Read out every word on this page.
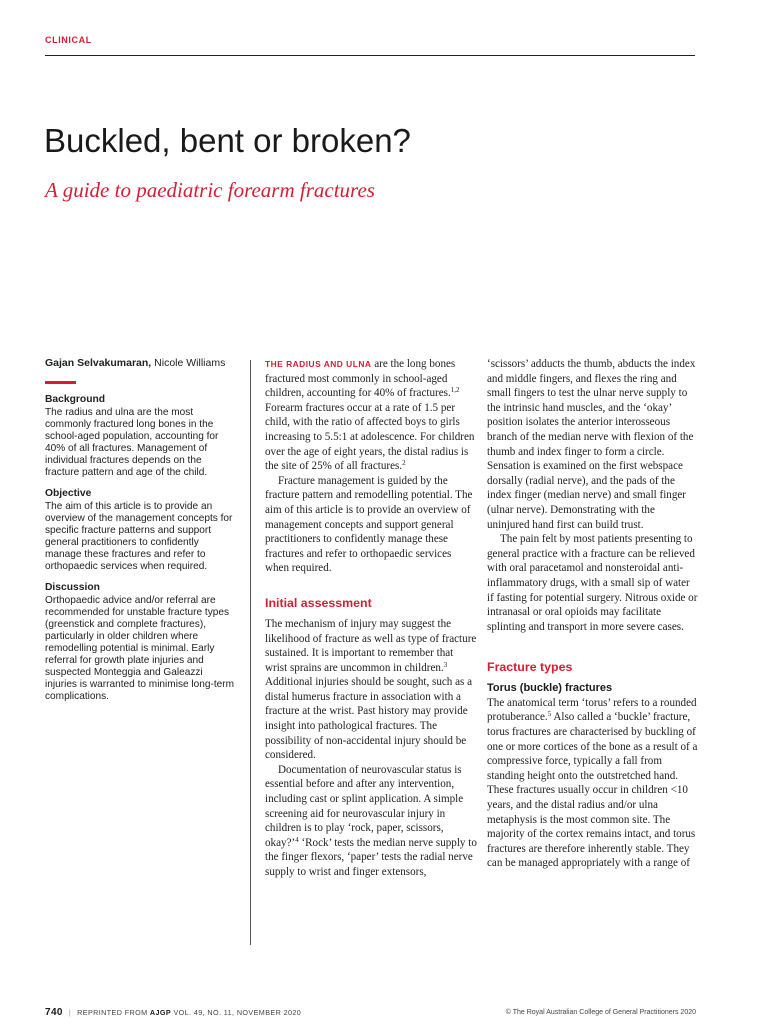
CLINICAL
Buckled, bent or broken?
A guide to paediatric forearm fractures

Gajan Selvakumaran, Nicole Williams

Background

The radius and ulna are the most commonly fractured long bones in the school-aged population, accounting for 40% of all fractures. Management of individual fractures depends on the fracture pattern and age of the child.

Objective

The aim of this article is to provide an overview of the management concepts for specific fracture patterns and support general practitioners to confidently manage these fractures and refer to orthopaedic services when required.

Discussion

Orthopaedic advice and/or referral are recommended for unstable fracture types (greenstick and complete fractures), particularly in older children where remodelling potential is minimal. Early referral for growth plate injuries and suspected Monteggia and Galeazzi injuries is warranted to minimise long-term complications.

THE RADIUS AND ULNA are the long bones fractured most commonly in school-aged children, accounting for 40% of fractures.$^{1,2}$ Forearm fractures occur at a rate of 1.5 per child, with the ratio of affected boys to girls increasing to 5.5:1 at adolescence. For children over the age of eight years, the distal radius is the site of 25% of all fractures.$^2$

Fracture management is guided by the fracture pattern and remodelling potential. The aim of this article is to provide an overview of management concepts and support general practitioners to confidently manage these fractures and refer to orthopaedic services when required.

Initial assessment

The mechanism of injury may suggest the likelihood of fracture as well as type of fracture sustained. It is important to remember that wrist sprains are uncommon in children.$^3$ Additional injuries should be sought, such as a distal humerus fracture in association with a fracture at the wrist. Past history may provide insight into pathological fractures. The possibility of non-accidental injury should be considered.

Documentation of neurovascular status is essential before and after any intervention, including cast or splint application. A simple screening aid for neurovascular injury in children is to play ‘rock, paper, scissors, okay?’$^4$ ‘Rock’ tests the median nerve supply to the finger flexors, ‘paper’ tests the radial nerve supply to wrist and finger extensors,

‘scissors’ adducts the thumb, abducts the index and middle fingers, and flexes the ring and small fingers to test the ulnar nerve supply to the intrinsic hand muscles, and the ‘okay’ position isolates the anterior interosseous branch of the median nerve with flexion of the thumb and index finger to form a circle. Sensation is examined on the first webspace dorsally (radial nerve), and the pads of the index finger (median nerve) and small finger (ulnar nerve). Demonstrating with the uninjured hand first can build trust.

The pain felt by most patients presenting to general practice with a fracture can be relieved with oral paracetamol and nonsteroidal anti-inflammatory drugs, with a small sip of water if fasting for potential surgery. Nitrous oxide or intranasal or oral opioids may facilitate splinting and transport in more severe cases.

Fracture types

Torus (buckle) fractures

The anatomical term ‘torus’ refers to a rounded protuberance.$^5$ Also called a ‘buckle’ fracture, torus fractures are characterised by buckling of one or more cortices of the bone as a result of a compressive force, typically a fall from standing height onto the outstretched hand. These fractures usually occur in children <10 years, and the distal radius and/or ulna metaphysis is the most common site. The majority of the cortex remains intact, and torus fractures are therefore inherently stable. They can be managed appropriately with a range of

740 | REPRINTED FROM AJGP VOL. 49, NO. 11, NOVEMBER 2020	© The Royal Australian College of General Practitioners 2020
